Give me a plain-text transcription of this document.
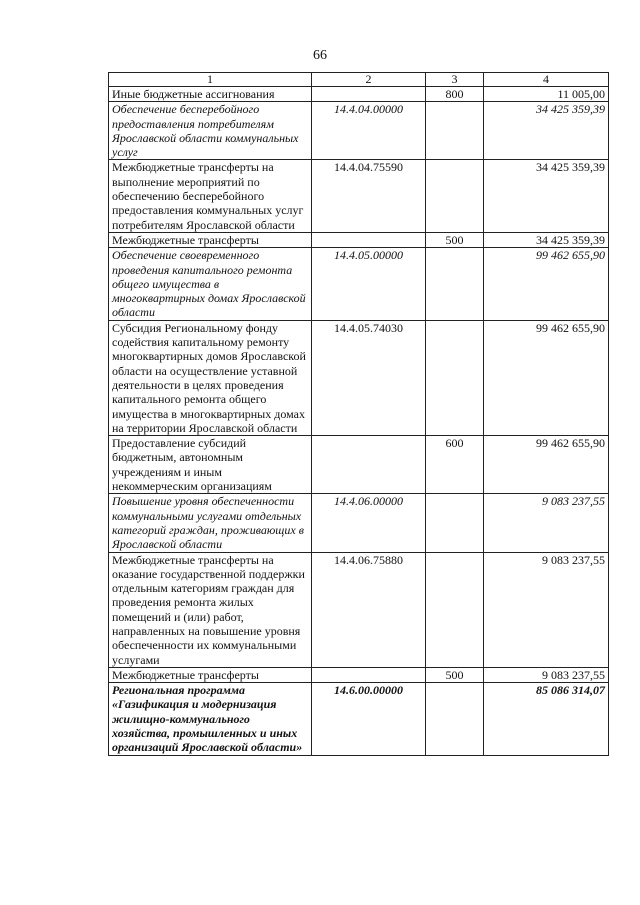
66
1	2	3	4
Иные бюджетные ассигнования		800	11 005,00
Обеспечение бесперебойного предоставления потребителям Ярославской области коммунальных услуг	14.4.04.00000		34 425 359,39
Межбюджетные трансферты на выполнение мероприятий по обеспечению бесперебойного предоставления коммунальных услуг потребителям Ярославской области	14.4.04.75590		34 425 359,39
Межбюджетные трансферты		500	34 425 359,39
Обеспечение своевременного проведения капитального ремонта общего имущества в многоквартирных домах Ярославской области	14.4.05.00000		99 462 655,90
Субсидия Региональному фонду содействия капитальному ремонту многоквартирных домов Ярославской области на осуществление уставной деятельности в целях проведения капитального ремонта общего имущества в многоквартирных домах на территории Ярославской области	14.4.05.74030		99 462 655,90
Предоставление субсидий бюджетным, автономным учреждениям и иным некоммерческим организациям		600	99 462 655,90
Повышение уровня обеспеченности коммунальными услугами отдельных категорий граждан, проживающих в Ярославской области	14.4.06.00000		9 083 237,55
Межбюджетные трансферты на оказание государственной поддержки отдельным категориям граждан для проведения ремонта жилых помещений и (или) работ, направленных на повышение уровня обеспеченности их коммунальными услугами	14.4.06.75880		9 083 237,55
Межбюджетные трансферты		500	9 083 237,55
Региональная программа «Газификация и модернизация жилищно-коммунального хозяйства, промышленных и иных организаций Ярославской области»	14.6.00.00000		85 086 314,07
